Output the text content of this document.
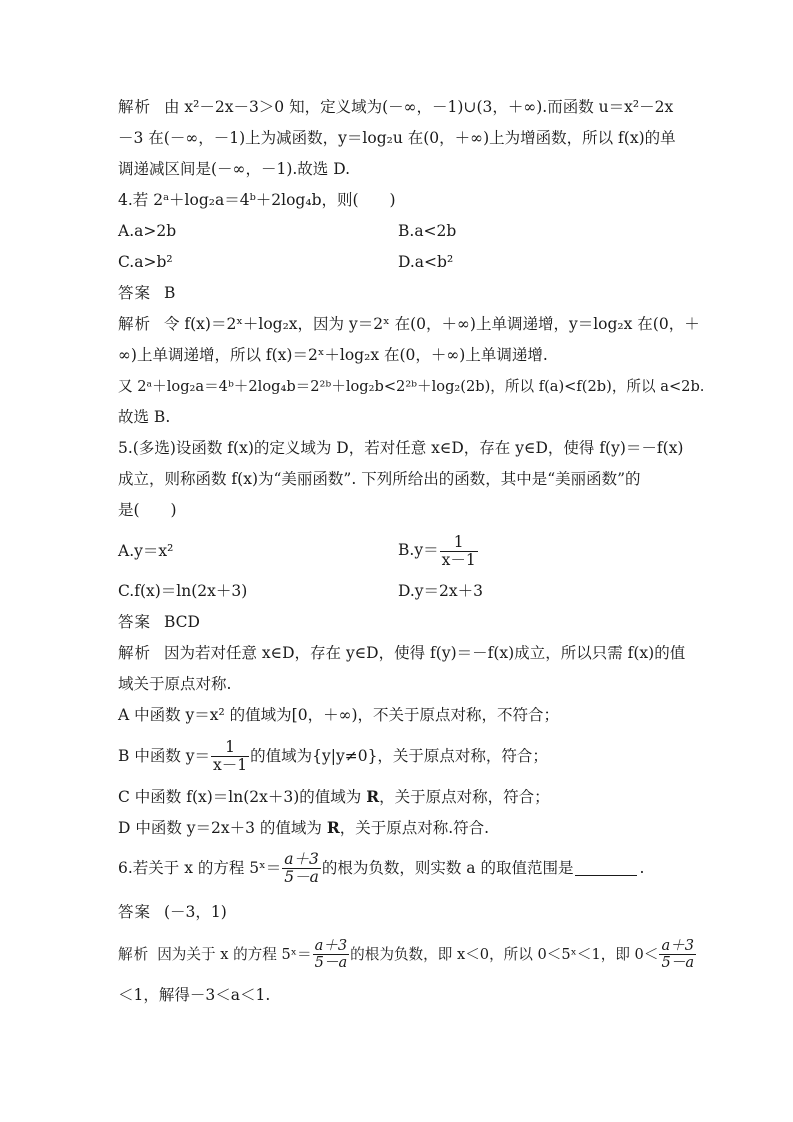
解析 由 x²－2x－3＞0 知，定义域为(－∞，－1)∪(3，＋∞).而函数 u＝x²－2x
－3 在(－∞，－1)上为减函数，y＝log₂u 在(0，＋∞)上为增函数，所以 f(x)的单
调递减区间是(－∞，－1).故选 D.
4.若 2ᵃ＋log₂a＝4ᵇ＋2log₄b，则(　　)
A.a>2b	B.a<2b
C.a>b²	D.a<b²
答案 B
解析 令 f(x)＝2ˣ＋log₂x，因为 y＝2ˣ 在(0，＋∞)上单调递增，y＝log₂x 在(0，＋
∞)上单调递增，所以 f(x)＝2ˣ＋log₂x 在(0，＋∞)上单调递增.
又 2ᵃ＋log₂a＝4ᵇ＋2log₄b＝2²ᵇ＋log₂b<2²ᵇ＋log₂(2b)，所以 f(a)<f(2b)，所以 a<2b.
故选 B.
5.(多选)设函数 f(x)的定义域为 D，若对任意 x∈D，存在 y∈D，使得 f(y)＝－f(x)
成立，则称函数 f(x)为“美丽函数”. 下列所给出的函数，其中是“美丽函数”的
是(　　)
A.y＝x²	$B.y= \frac{1}{x-1}$
C.f(x)＝ln(2x＋3)	D.y＝2x＋3
答案 BCD
解析 因为若对任意 x∈D，存在 y∈D，使得 f(y)＝－f(x)成立，所以只需 f(x)的值
域关于原点对称.
A 中函数 y＝x² 的值域为[0，＋∞)，不关于原点对称，不符合；
B 中函数 $y= \frac{1}{x-1}$ 的值域为{y|y≠0}，关于原点对称，符合；
C 中函数 f(x)＝ln(2x＋3)的值域为 R，关于原点对称，符合；
D 中函数 y＝2x＋3 的值域为 R，关于原点对称.符合.
6.若关于 x 的方程 5ˣ＝ $\frac{a+3}{5-a}$ 的根为负数，则实数 a 的取值范围是	.
答案 (－3，1)
解析 因为关于 x 的方程 5ˣ＝ $\frac{a+3}{5-a}$ 的根为负数，即 x＜0，所以 0＜5ˣ＜1，即 $0< \frac{a+3}{5-a}$
＜1，解得－3＜a＜1.
